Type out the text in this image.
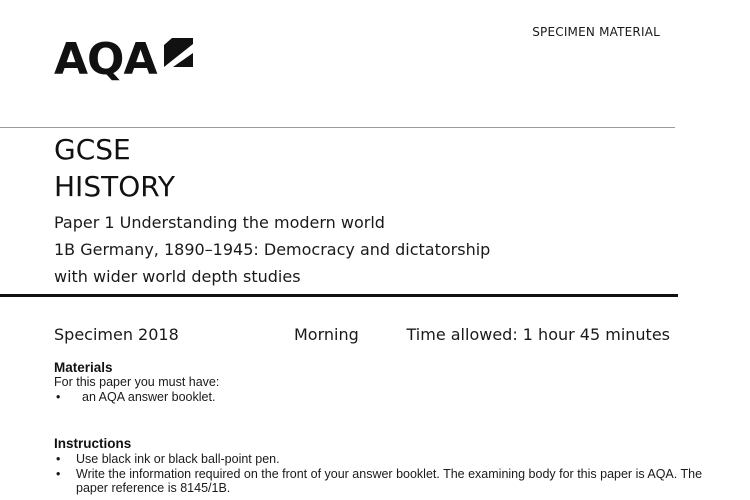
SPECIMEN MATERIAL
AQA
GCSE
HISTORY
Paper 1 Understanding the modern world
1B Germany, 1890–1945: Democracy and dictatorship
with wider world depth studies
Specimen 2018	Morning	Time allowed: 1 hour 45 minutes
Materials
For this paper you must have:
• an AQA answer booklet.
Instructions
• Use black ink or black ball-point pen.
• Write the information required on the front of your answer booklet. The examining body for this paper is AQA. The paper reference is 8145/1B.
